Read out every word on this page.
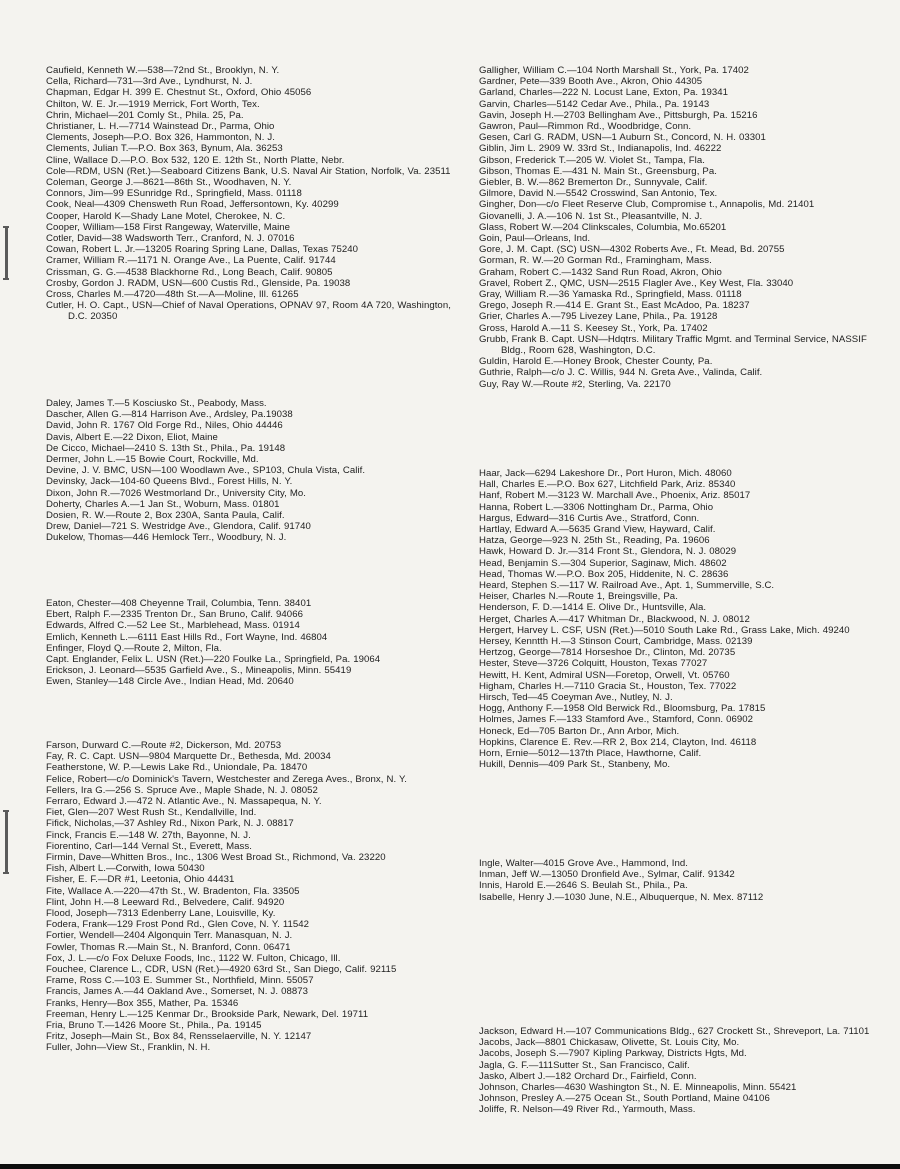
Caufield, Kenneth W.—538—72nd St., Brooklyn, N. Y.
Cella, Richard—731—3rd Ave., Lyndhurst, N. J.
Chapman, Edgar H. 399 E. Chestnut St., Oxford, Ohio 45056
Chilton, W. E. Jr.—1919 Merrick, Fort Worth, Tex.
Chrin, Michael—201 Comly St., Phila. 25, Pa.
Christianer, L. H.—7714 Wainstead Dr., Parma, Ohio
Clements, Joseph—P.O. Box 326, Hammonton, N. J.
Clements, Julian T.—P.O. Box 363, Bynum, Ala. 36253
Cline, Wallace D.—P.O. Box 532, 120 E. 12th St., North Platte, Nebr.
Cole—RDM, USN (Ret.)—Seaboard Citizens Bank, U.S. Naval Air Station, Norfolk, Va. 23511
Coleman, George J.—8621—86th St., Woodhaven, N. Y.
Connors, Jim—99 ESunridge Rd., Springfield, Mass. 01118
Cook, Neal—4309 Chensweth Run Road, Jeffersontown, Ky. 40299
Cooper, Harold K—Shady Lane Motel, Cherokee, N. C.
Cooper, William—158 First Rangeway, Waterville, Maine
Cotler, David—38 Wadsworth Terr., Cranford, N. J. 07016
Cowan, Robert L. Jr.—13205 Roaring Spring Lane, Dallas, Texas 75240
Cramer, William R.—1171 N. Orange Ave., La Puente, Calif. 91744
Crissman, G. G.—4538 Blackhorne Rd., Long Beach, Calif. 90805
Crosby, Gordon J. RADM, USN—600 Custis Rd., Glenside, Pa. 19038
Cross, Charles M.—4720—48th St.—A—Moline, Ill. 61265
Cutler, H. O. Capt., USN—Chief of Naval Operations, OPNAV 97, Room 4A 720, Washington, D.C. 20350
Daley, James T.—5 Kosciusko St., Peabody, Mass.
Dascher, Allen G.—814 Harrison Ave., Ardsley, Pa.19038
David, John R. 1767 Old Forge Rd., Niles, Ohio 44446
Davis, Albert E.—22 Dixon, Eliot, Maine
De Cicco, Michael—2410 S. 13th St., Phila., Pa. 19148
Dermer, John L.—15 Bowie Court, Rockville, Md.
Devine, J. V. BMC, USN—100 Woodlawn Ave., SP103, Chula Vista, Calif.
Devinsky, Jack—104-60 Queens Blvd., Forest Hills, N. Y.
Dixon, John R.—7026 Westmorland Dr., University City, Mo.
Doherty, Charles A.—1 Jan St., Woburn, Mass. 01801
Dosien, R. W.—Route 2, Box 230A, Santa Paula, Calif.
Drew, Daniel—721 S. Westridge Ave., Glendora, Calif. 91740
Dukelow, Thomas—446 Hemlock Terr., Woodbury, N. J.
Eaton, Chester—408 Cheyenne Trail, Columbia, Tenn. 38401
Ebert, Ralph F.—2335 Trenton Dr., San Bruno, Calif. 94066
Edwards, Alfred C.—52 Lee St., Marblehead, Mass. 01914
Emlich, Kenneth L.—6111 East Hills Rd., Fort Wayne, Ind. 46804
Enfinger, Floyd Q.—Route 2, Milton, Fla.
Capt. Englander, Felix L. USN (Ret.)—220 Foulke La., Springfield, Pa. 19064
Erickson, J. Leonard—5535 Garfield Ave., S., Mineapolis, Minn. 55419
Ewen, Stanley—148 Circle Ave., Indian Head, Md. 20640
Farson, Durward C.—Route #2, Dickerson, Md. 20753
Fay, R. C. Capt. USN—9804 Marquette Dr., Bethesda, Md. 20034
Featherstone, W. P.—Lewis Lake Rd., Uniondale, Pa. 18470
Felice, Robert—c/o Dominick's Tavern, Westchester and Zerega Aves., Bronx, N. Y.
Fellers, Ira G.—256 S. Spruce Ave., Maple Shade, N. J. 08052
Ferraro, Edward J.—472 N. Atlantic Ave., N. Massapequa, N. Y.
Fiet, Glen—207 West Rush St., Kendallville, Ind.
Fifick, Nicholas,—37 Ashley Rd., Nixon Park, N. J. 08817
Finck, Francis E.—148 W. 27th, Bayonne, N. J.
Fiorentino, Carl—144 Vernal St., Everett, Mass.
Firmin, Dave—Whitten Bros., Inc., 1306 West Broad St., Richmond, Va. 23220
Fish, Albert L.—Corwith, Iowa 50430
Fisher, E. F.—DR #1, Leetonia, Ohio 44431
Fite, Wallace A.—220—47th St., W. Bradenton, Fla. 33505
Flint, John H.—8 Leeward Rd., Belvedere, Calif. 94920
Flood, Joseph—7313 Edenberry Lane, Louisville, Ky.
Fodera, Frank—129 Frost Pond Rd., Glen Cove, N. Y. 11542
Fortier, Wendell—2404 Algonquin Terr. Manasquan, N. J.
Fowler, Thomas R.—Main St., N. Branford, Conn. 06471
Fox, J. L.—c/o Fox Deluxe Foods, Inc., 1122 W. Fulton, Chicago, Ill.
Fouchee, Clarence L., CDR, USN (Ret.)—4920 63rd St., San Diego, Calif. 92115
Frame, Ross C.—103 E. Summer St., Northfield, Minn. 55057
Francis, James A.—44 Oakland Ave., Somerset, N. J. 08873
Franks, Henry—Box 355, Mather, Pa. 15346
Freeman, Henry L.—125 Kenmar Dr., Brookside Park, Newark, Del. 19711
Fria, Bruno T.—1426 Moore St., Phila., Pa. 19145
Fritz, Joseph—Main St., Box 84, Rensselaerville, N. Y. 12147
Fuller, John—View St., Franklin, N. H.
Galligher, William C.—104 North Marshall St., York, Pa. 17402
Gardner, Pete—339 Booth Ave., Akron, Ohio 44305
Garland, Charles—222 N. Locust Lane, Exton, Pa. 19341
Garvin, Charles—5142 Cedar Ave., Phila., Pa. 19143
Gavin, Joseph H.—2703 Bellingham Ave., Pittsburgh, Pa. 15216
Gawron, Paul—Rimmon Rd., Woodbridge, Conn.
Gesen, Carl G. RADM, USN—1 Auburn St., Concord, N. H. 03301
Giblin, Jim L. 2909 W. 33rd St., Indianapolis, Ind. 46222
Gibson, Frederick T.—205 W. Violet St., Tampa, Fla.
Gibson, Thomas E.—431 N. Main St., Greensburg, Pa.
Giebler, B. W.—862 Bremerton Dr., Sunnyvale, Calif.
Gilmore, David N.—5542 Crosswind, San Antonio, Tex.
Gingher, Don—c/o Fleet Reserve Club, Compromise t., Annapolis, Md. 21401
Giovanelli, J. A.—106 N. 1st St., Pleasantville, N. J.
Glass, Robert W.—204 Clinkscales, Columbia, Mo.65201
Goin, Paul—Orleans, Ind.
Gore, J. M. Capt. (SC) USN—4302 Roberts Ave., Ft. Mead, Bd. 20755
Gorman, R. W.—20 Gorman Rd., Framingham, Mass.
Graham, Robert C.—1432 Sand Run Road, Akron, Ohio
Gravel, Robert Z., QMC, USN—2515 Flagler Ave., Key West, Fla. 33040
Gray, William R.—36 Yamaska Rd., Springfield, Mass. 01118
Grego, Joseph R.—414 E. Grant St., East McAdoo, Pa. 18237
Grier, Charles A.—795 Livezey Lane, Phila., Pa. 19128
Gross, Harold A.—11 S. Keesey St., York, Pa. 17402
Grubb, Frank B. Capt. USN—Hdqtrs. Military Traffic Mgmt. and Terminal Service, NASSIF Bldg., Room 628, Washington, D.C.
Guldin, Harold E.—Honey Brook, Chester County, Pa.
Guthrie, Ralph—c/o J. C. Willis, 944 N. Greta Ave., Valinda, Calif.
Guy, Ray W.—Route #2, Sterling, Va. 22170
Haar, Jack—6294 Lakeshore Dr., Port Huron, Mich. 48060
Hall, Charles E.—P.O. Box 627, Litchfield Park, Ariz. 85340
Hanf, Robert M.—3123 W. Marchall Ave., Phoenix, Ariz. 85017
Hanna, Robert L.—3306 Nottingham Dr., Parma, Ohio
Hargus, Edward—316 Curtis Ave., Stratford, Conn.
Hartlay, Edward A.—5635 Grand View, Hayward, Calif.
Hatza, George—923 N. 25th St., Reading, Pa. 19606
Hawk, Howard D. Jr.—314 Front St., Glendora, N. J. 08029
Head, Benjamin S.—304 Superior, Saginaw, Mich. 48602
Head, Thomas W.—P.O. Box 205, Hiddenite, N. C. 28636
Heard, Stephen S.—117 W. Railroad Ave., Apt. 1, Summerville, S.C.
Heiser, Charles N.—Route 1, Breingsville, Pa.
Henderson, F. D.—1414 E. Olive Dr., Huntsville, Ala.
Herget, Charles A.—417 Whitman Dr., Blackwood, N. J. 08012
Hergert, Harvey L. CSF, USN (Ret.)—5010 South Lake Rd., Grass Lake, Mich. 49240
Hersey, Kenntth H.—3 Stinson Court, Cambridge, Mass. 02139
Hertzog, George—7814 Horseshoe Dr., Clinton, Md. 20735
Hester, Steve—3726 Colquitt, Houston, Texas 77027
Hewitt, H. Kent, Admiral USN—Foretop, Orwell, Vt. 05760
Higham, Charles H.—7110 Gracia St., Houston, Tex. 77022
Hirsch, Ted—45 Coeyman Ave., Nutley, N. J.
Hogg, Anthony F.—1958 Old Berwick Rd., Bloomsburg, Pa. 17815
Holmes, James F.—133 Stamford Ave., Stamford, Conn. 06902
Honeck, Ed—705 Barton Dr., Ann Arbor, Mich.
Hopkins, Clarence E. Rev.—RR 2, Box 214, Clayton, Ind. 46118
Horn, Ernie—5012—137th Place, Hawthorne, Calif.
Hukill, Dennis—409 Park St., Stanbeny, Mo.
Ingle, Walter—4015 Grove Ave., Hammond, Ind.
Inman, Jeff W.—13050 Dronfield Ave., Sylmar, Calif. 91342
Innis, Harold E.—2646 S. Beulah St., Phila., Pa.
Isabelle, Henry J.—1030 June, N.E., Albuquerque, N. Mex. 87112
Jackson, Edward H.—107 Communications Bldg., 627 Crockett St., Shreveport, La. 71101
Jacobs, Jack—8801 Chickasaw, Olivette, St. Louis City, Mo.
Jacobs, Joseph S.—7907 Kipling Parkway, Districts Hgts, Md.
Jagla, G. F.—111Sutter St., San Francisco, Calif.
Jasko, Albert J.—182 Orchard Dr., Fairfield, Conn.
Johnson, Charles—4630 Washington St., N. E. Minneapolis, Minn. 55421
Johnson, Presley A.—275 Ocean St., South Portland, Maine 04106
Joliffe, R. Nelson—49 River Rd., Yarmouth, Mass.
